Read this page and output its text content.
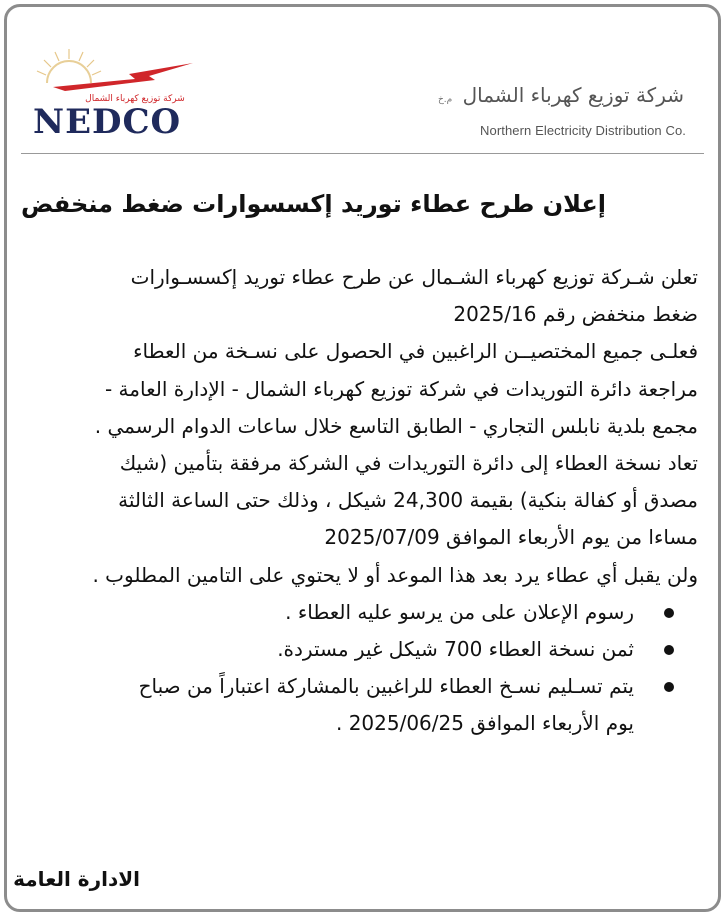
شركة توزيع كهرباء الشمال
NEDCO
شركة توزيع كهرباء الشمال م.خ
Northern Electricity Distribution Co.
إعلان طرح عطاء توريد إكسسوارات ضغط منخفض
تعلن شـركة توزيع كهرباء الشـمال عن طرح عطاء توريد إكسسـوارات
ضغط منخفض رقم 2025/16
فعلـى جميع المختصيــن الراغبين في الحصول على نسـخة من العطاء
مراجعة دائرة التوريدات في شركة توزيع كهرباء الشمال - الإدارة العامة -
مجمع بلدية نابلس التجاري - الطابق التاسع خلال ساعات الدوام الرسمي .
تعاد نسخة العطاء إلى دائرة التوريدات في الشركة مرفقة بتأمين (شيك
مصدق أو كفالة بنكية) بقيمة 24,300 شيكل ، وذلك حتى الساعة الثالثة
مساءا من يوم الأربعاء الموافق 2025/07/09
ولن يقبل أي عطاء يرد بعد هذا الموعد أو لا يحتوي على التامين المطلوب .
رسوم الإعلان على من يرسو عليه العطاء .
ثمن نسخة العطاء 700 شيكل غير مستردة.
يتم تسـليم نسـخ العطاء للراغبين بالمشاركة اعتباراً من صباح
يوم الأربعاء الموافق 2025/06/25 .
الادارة العامة
